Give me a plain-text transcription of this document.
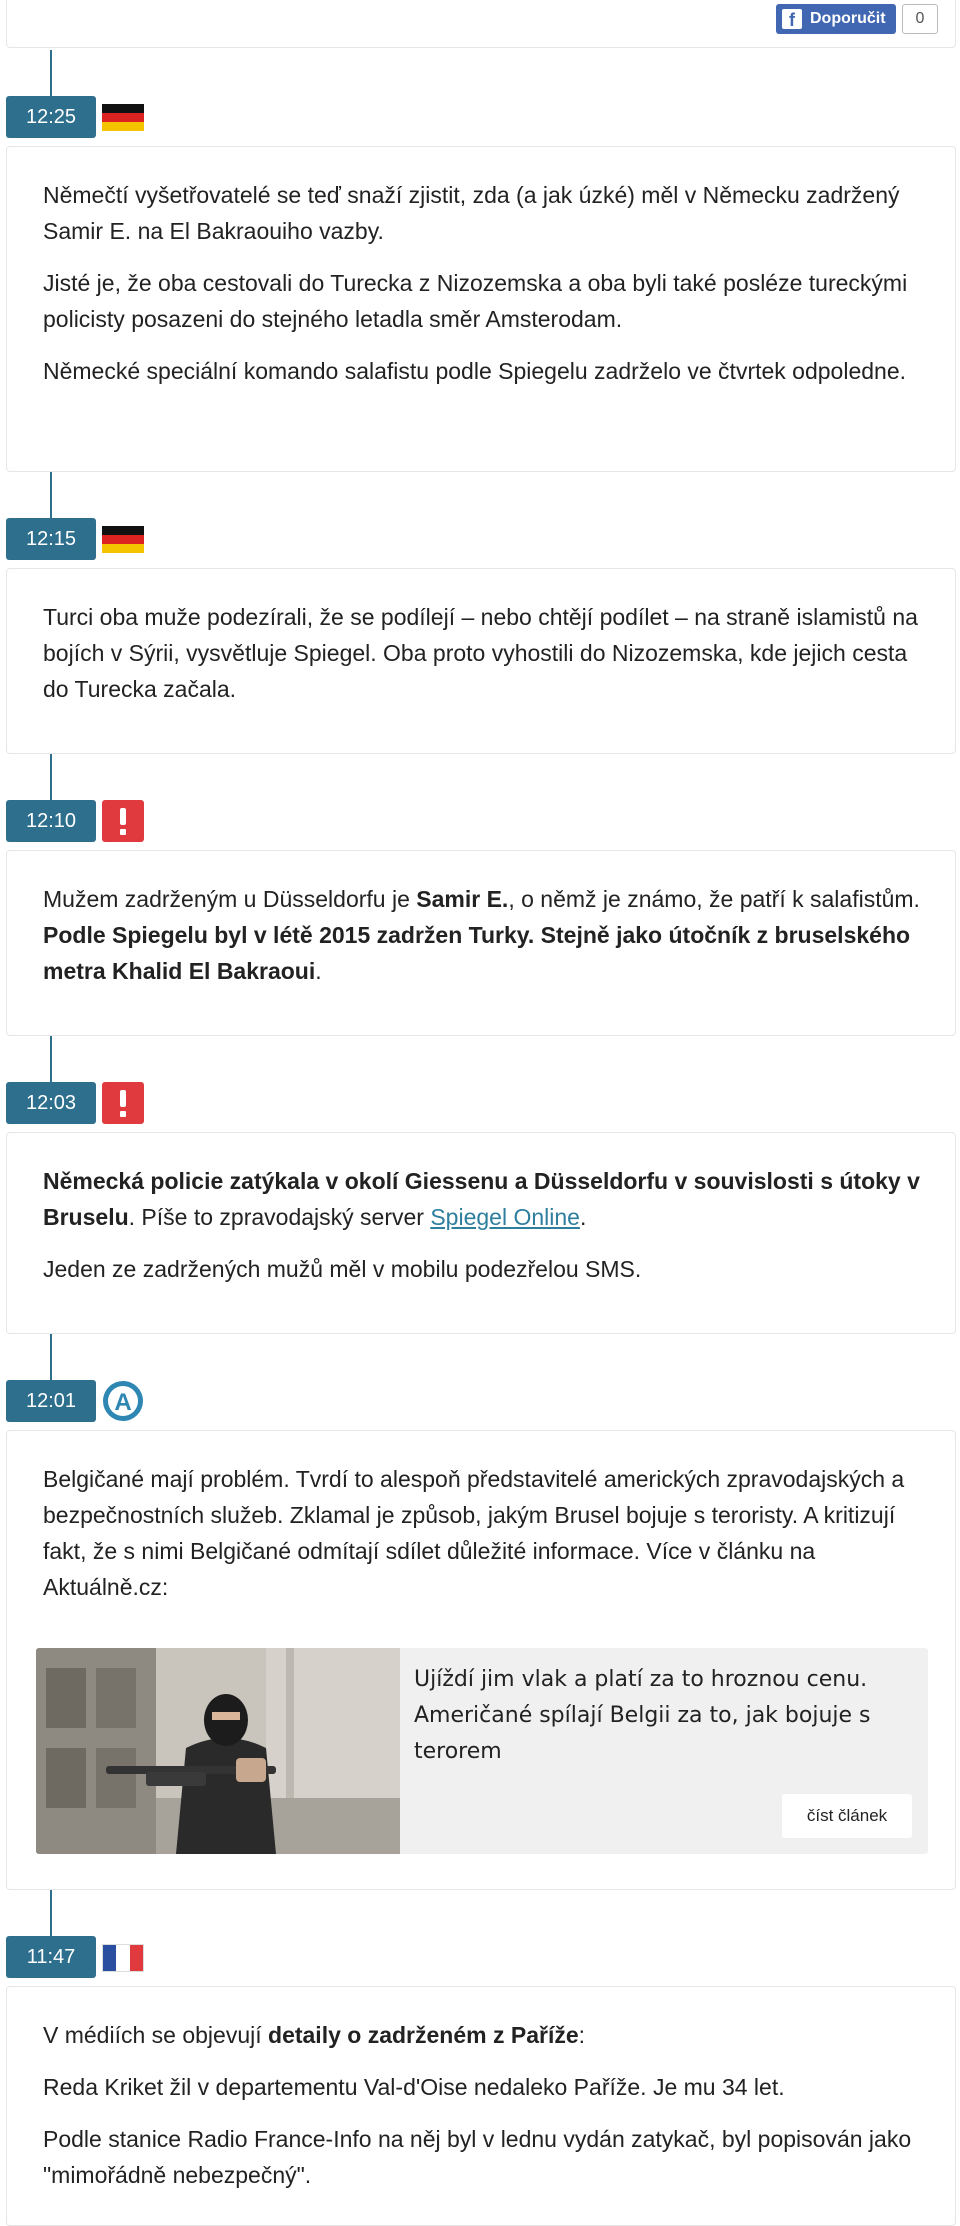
f Doporučit	0
12:25

Němečtí vyšetřovatelé se teď snaží zjistit, zda (a jak úzké) měl v Německu zadržený Samir E. na El Bakraouiho vazby.

Jisté je, že oba cestovali do Turecka z Nizozemska a oba byli také posléze tureckými policisty posazeni do stejného letadla směr Amsterodam.

Německé speciální komando salafistu podle Spiegelu zadrželo ve čtvrtek odpoledne.

12:15

Turci oba muže podezírali, že se podílejí – nebo chtějí podílet – na straně islamistů na bojích v Sýrii, vysvětluje Spiegel. Oba proto vyhostili do Nizozemska, kde jejich cesta do Turecka začala.

12:10

Mužem zadrženým u Düsseldorfu je Samir E., o němž je známo, že patří k salafistům. Podle Spiegelu byl v létě 2015 zadržen Turky. Stejně jako útočník z bruselského metra Khalid El Bakraoui.

12:03

Německá policie zatýkala v okolí Giessenu a Düsseldorfu v souvislosti s útoky v Bruselu. Píše to zpravodajský server Spiegel Online.

Jeden ze zadržených mužů měl v mobilu podezřelou SMS.

12:01	A

Belgičané mají problém. Tvrdí to alespoň představitelé amerických zpravodajských a bezpečnostních služeb. Zklamal je způsob, jakým Brusel bojuje s teroristy. A kritizují fakt, že s nimi Belgičané odmítají sdílet důležité informace. Více v článku na Aktuálně.cz:

Ujíždí jim vlak a platí za to hroznou cenu. Američané spílají Belgii za to, jak bojuje s terorem
číst článek
11:47

V médiích se objevují detaily o zadrženém z Paříže:

Reda Kriket žil v departementu Val-d'Oise nedaleko Paříže. Je mu 34 let.

Podle stanice Radio France-Info na něj byl v lednu vydán zatykač, byl popisován jako "mimořádně nebezpečný".
